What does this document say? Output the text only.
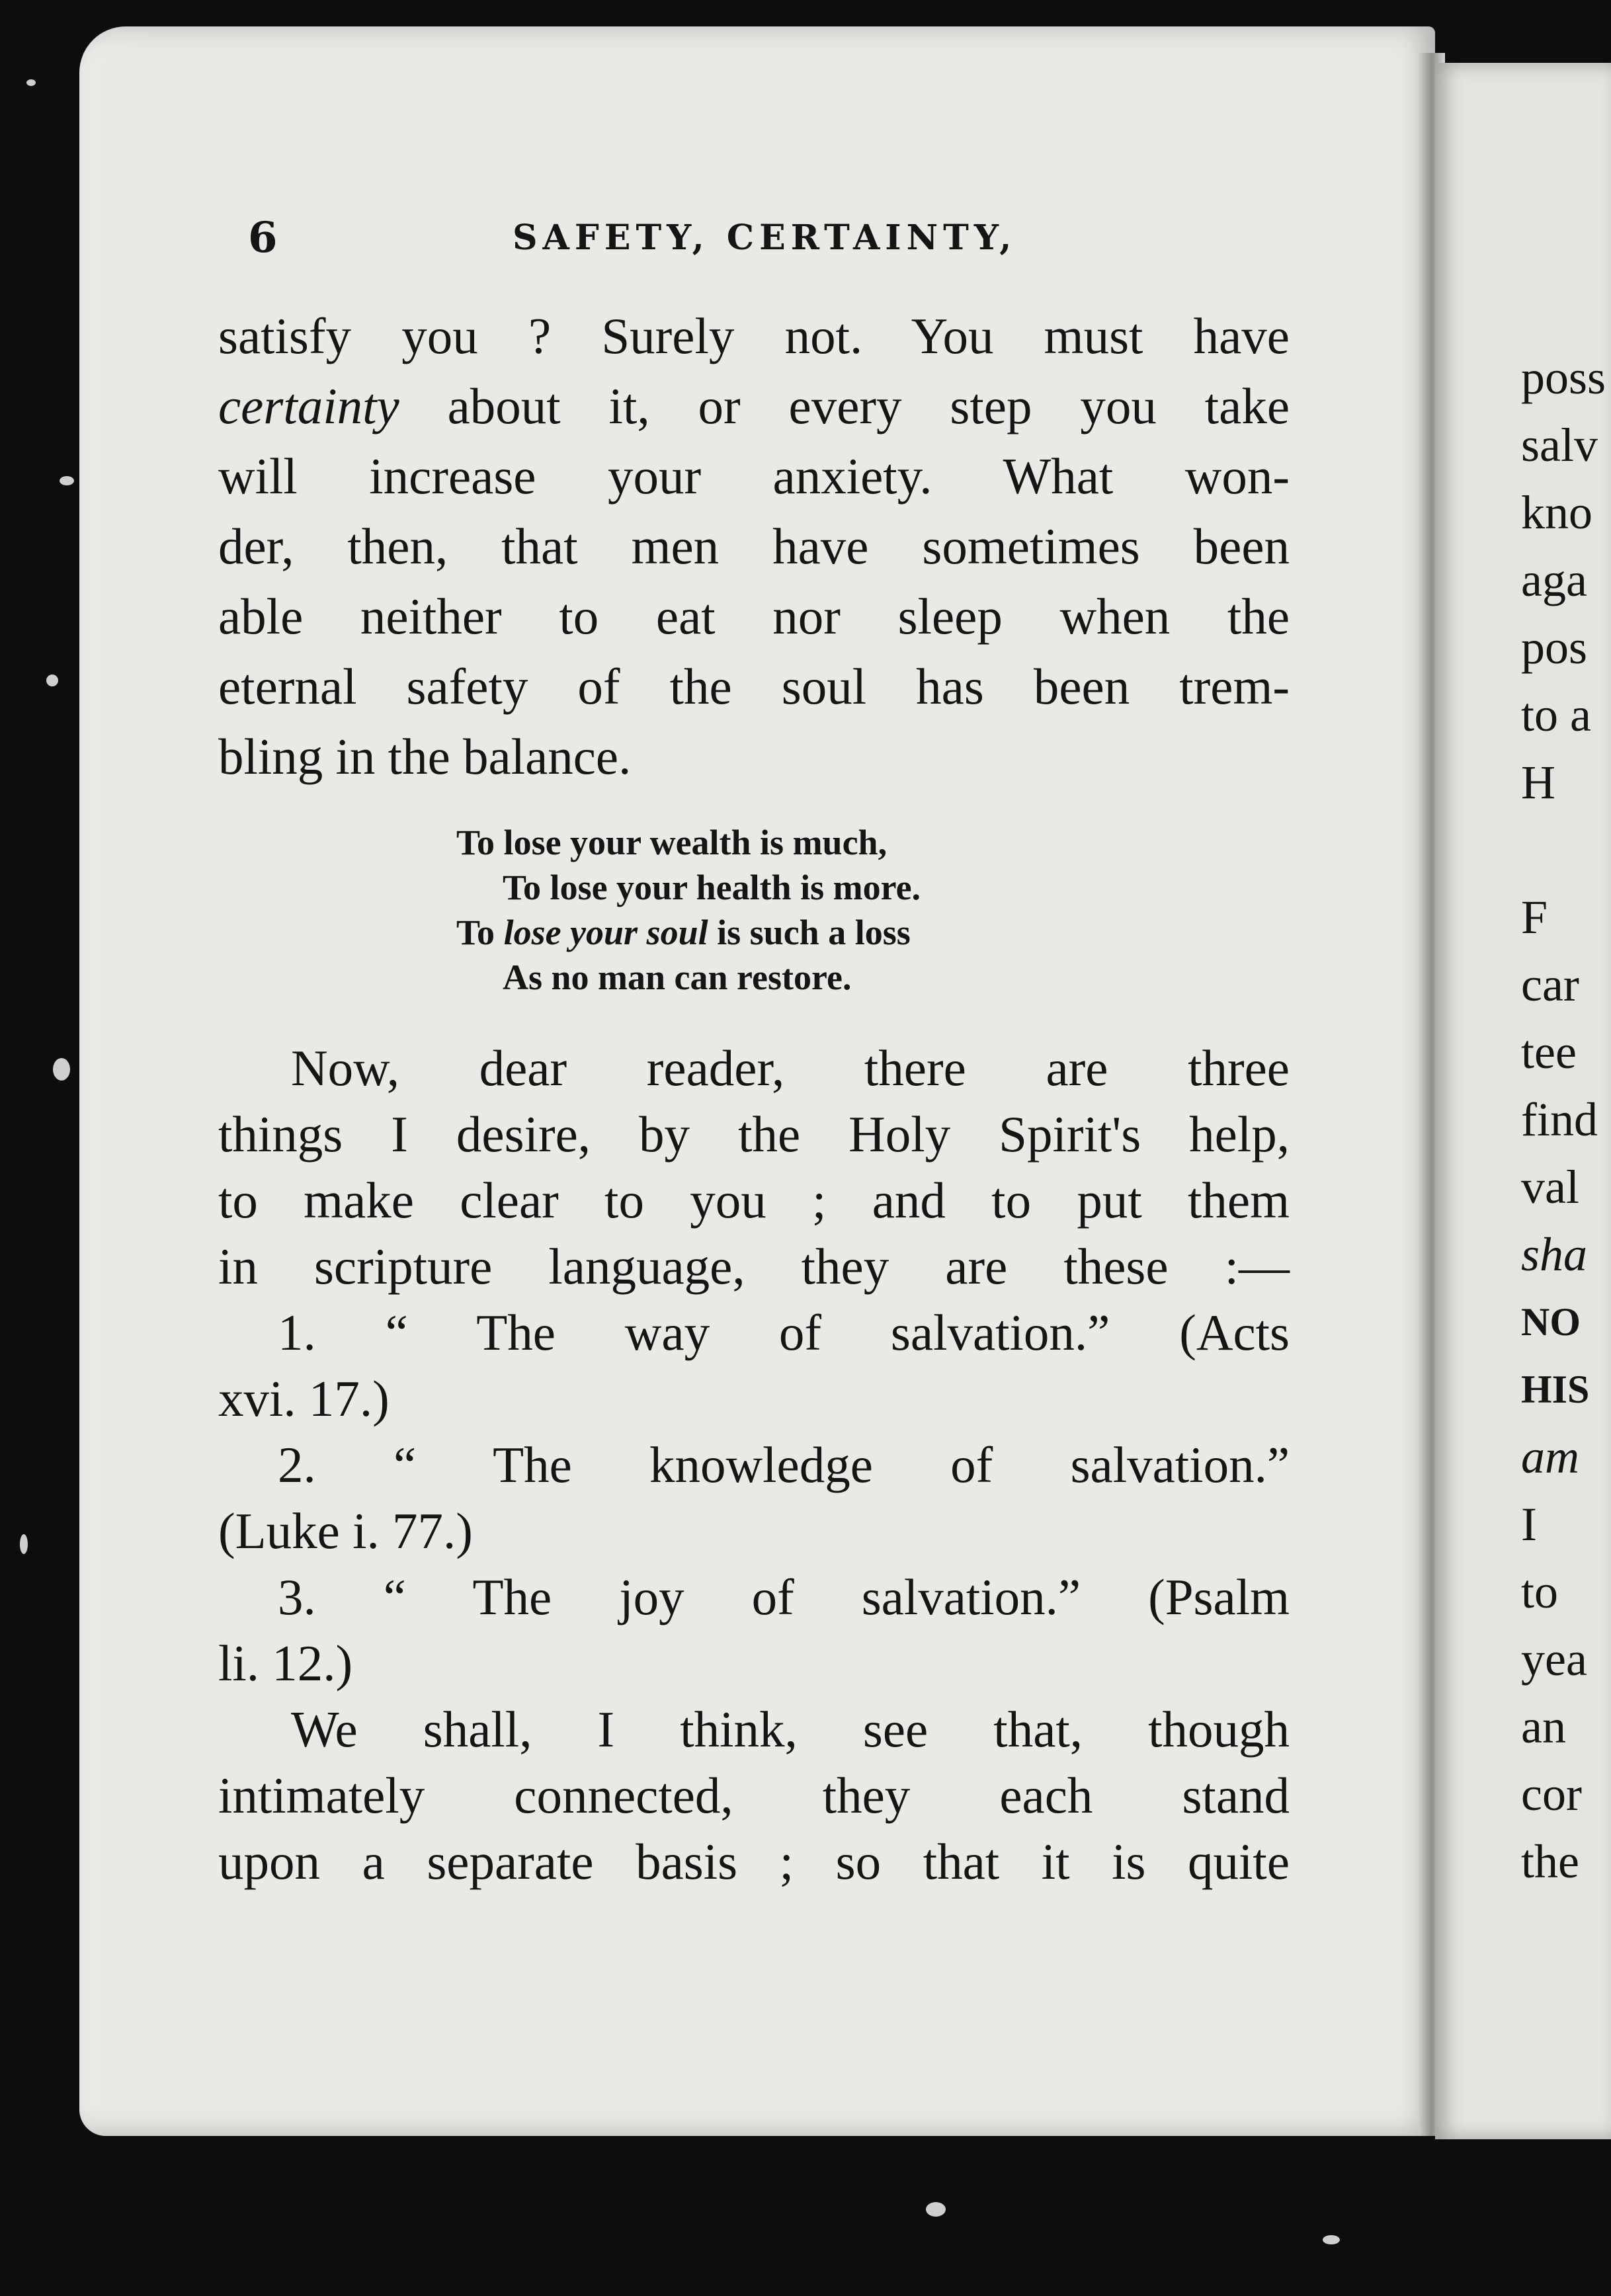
6	SAFETY, CERTAINTY,
satisfy you ? Surely not. You must have
certainty about it, or every step you take
will increase your anxiety. What won-
der, then, that men have sometimes been
able neither to eat nor sleep when the
eternal safety of the soul has been trem-
bling in the balance.
To lose your wealth is much,
To lose your health is more.
To lose your soul is such a loss
As no man can restore.
Now, dear reader, there are three
things I desire, by the Holy Spirit's help,
to make clear to you ; and to put them
in scripture language, they are these :—
1. “ The way of salvation.” (Acts
xvi. 17.)
2. “ The knowledge of salvation.”
(Luke i. 77.)
3. “ The joy of salvation.” (Psalm
li. 12.)
We shall, I think, see that, though
intimately connected, they each stand
upon a separate basis ; so that it is quite
poss
salv
kno
aga
pos
to a
H
F
car
tee
find
val
sha
NO
HIS
am
I
to
yea
an
cor
the
